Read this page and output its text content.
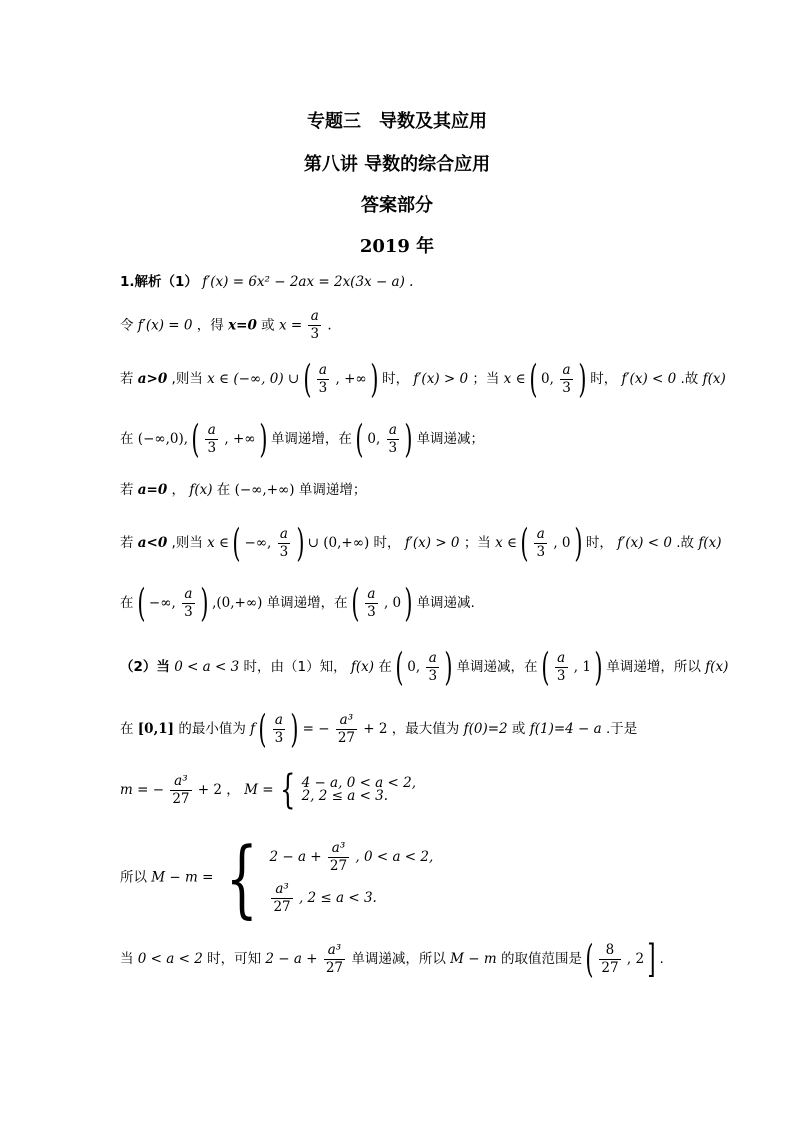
专题三　导数及其应用
第八讲 导数的综合应用
答案部分
2019 年
1.解析（1） f′(x) = 6x² − 2ax = 2x(3x − a) .
令 f′(x) = 0 ，得 x=0 或 $x = \frac{a}{3}$ .
若 a>0 ,则当 x ∈ (−∞, 0) ∪ ( $\frac{a}{3}$ , +∞ ) 时， f′(x) > 0 ；当 x ∈ ( 0, $\frac{a}{3}$ ) 时， f′(x) < 0 .故 f(x)
在 (−∞,0), ( $\frac{a}{3}$ , +∞ ) 单调递增，在 ( 0, $\frac{a}{3}$ ) 单调递减；
若 a=0 ， f(x) 在 (−∞,+∞) 单调递增；
若 a<0 ,则当 x ∈ ( −∞, $\frac{a}{3}$ ) ∪ (0,+∞) 时， f′(x) > 0 ；当 x ∈ ( $\frac{a}{3}$ , 0 ) 时， f′(x) < 0 .故 f(x)
在 ( −∞, $\frac{a}{3}$ ) ,(0,+∞) 单调递增，在 ( $\frac{a}{3}$ , 0 ) 单调递减.
（2）当 0 < a < 3 时，由（1）知， f(x) 在 ( 0, $\frac{a}{3}$ ) 单调递减，在 ( $\frac{a}{3}$ , 1 ) 单调递增，所以 f(x)
在 [0,1] 的最小值为 f ( $\frac{a}{3}$ ) = − $\frac{\text{a³}}{27} + 2$ ，最大值为 f(0)=2 或 f(1)=4 − a .于是
m = − $\frac{\text{a³}}{27} + 2$ ， M = { 4 − a, 0 < a < 2,
2, 2 ≤ a < 3.
所以 M − m = { $2 - a + \frac{\text{a³}}{27}$ , 0 < a < 2,
$\frac{\text{a³}}{27}$ , 2 ≤ a < 3.
当 0 < a < 2 时，可知 $2 - a + \frac{\text{a³}}{27}$ 单调递减，所以 M − m 的取值范围是 ( $\frac{8}{27}$ , 2 ] .
